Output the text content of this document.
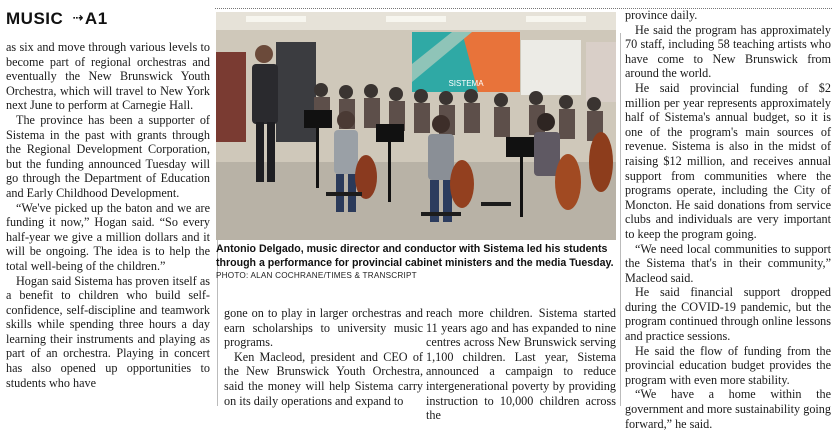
MUSIC ⇢A1

as six and move through various levels to become part of regional orchestras and eventually the New Brunswick Youth Orchestra, which will travel to New York next June to perform at Carnegie Hall.

The province has been a supporter of Sistema in the past with grants through the Regional Development Corporation, but the funding announced Tuesday will go through the Department of Education and Early Childhood Development.

“We've picked up the baton and we are funding it now,” Hogan said. “So every half-year we give a million dollars and it will be ongoing. The idea is to help the total well-being of the children.”

Hogan said Sistema has proven itself as a benefit to children who build self-confidence, self-discipline and teamwork skills while spending three hours a day learning their instruments and playing as part of an orchestra. Playing in concert has also opened up opportunities to students who have

SISTEMA
Antonio Delgado, music director and conductor with Sistema led his students through a performance for provincial cabinet ministers and the media Tuesday.
PHOTO: ALAN COCHRANE/TIMES & TRANSCRIPT

gone on to play in larger orchestras and earn scholarships to university music programs.

Ken Macleod, president and CEO of the New Brunswick Youth Orchestra, said the money will help Sistema carry on its daily operations and expand to

reach more children. Sistema started 11 years ago and has expanded to nine centres across New Brunswick serving 1,100 children. Last year, Sistema announced a campaign to reduce intergenerational poverty by providing instruction to 10,000 children across the

province daily.

He said the program has approximately 70 staff, including 58 teaching artists who have come to New Brunswick from around the world.

He said provincial funding of $2 million per year represents approximately half of Sistema's annual budget, so it is one of the program's main sources of revenue. Sistema is also in the midst of raising $12 million, and receives annual support from communities where the programs operate, including the City of Moncton. He said donations from service clubs and individuals are very important to keep the program going.

“We need local communities to support the Sistema that's in their community,” Macleod said.

He said financial support dropped during the COVID-19 pandemic, but the program continued through online lessons and practice sessions.

He said the flow of funding from the provincial education budget provides the program with even more stability.

“We have a home within the government and more sustainability going forward,” he said.
